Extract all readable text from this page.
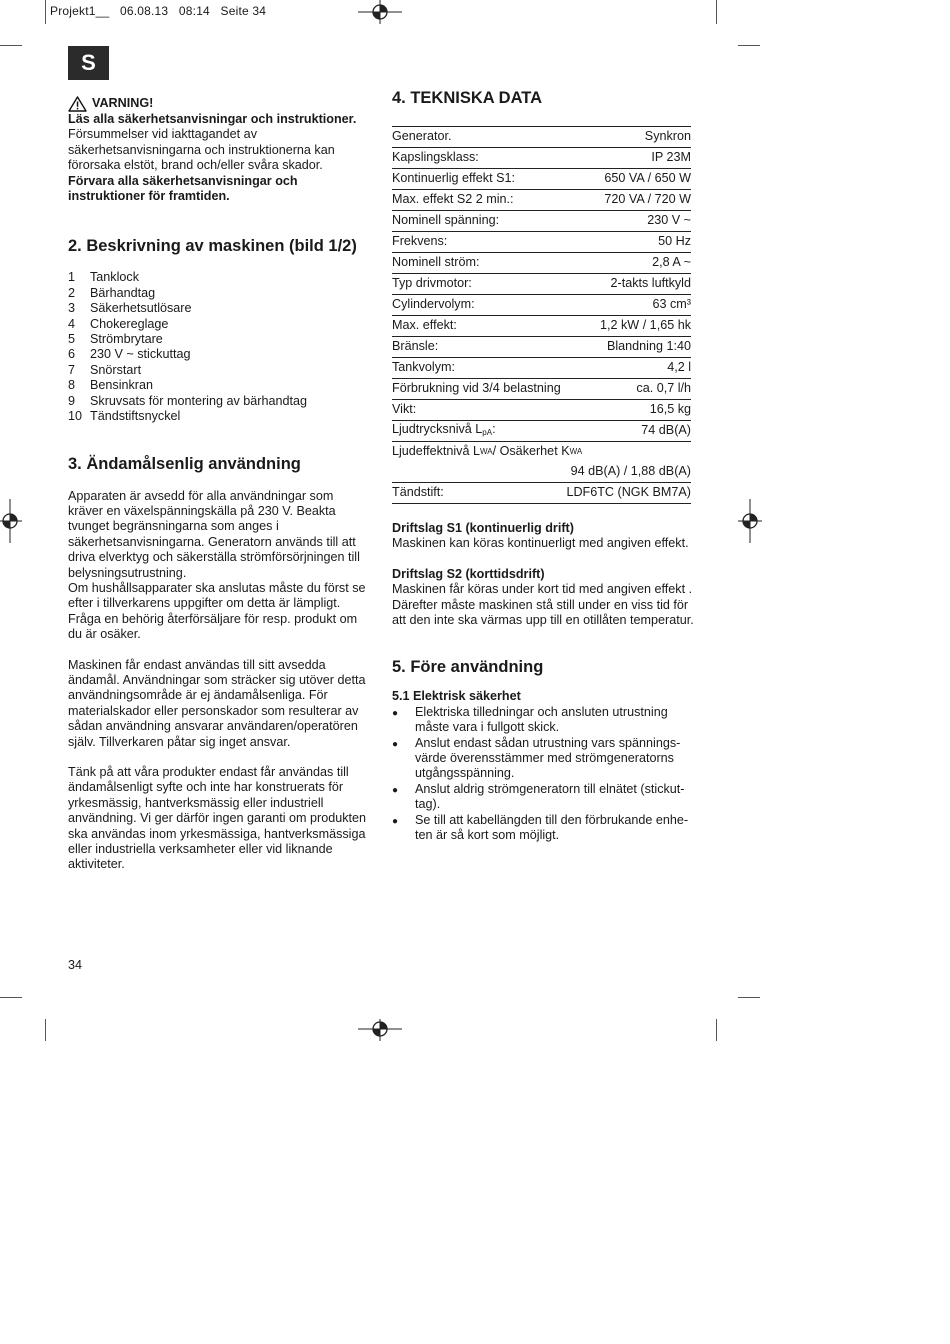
Projekt1__ 06.08.13 08:14 Seite 34
S
VARNING!

Läs alla säkerhetsanvisningar och instruktioner.

Försummelser vid iakttagandet av säkerhetsanvisningarna och instruktionerna kan förorsaka elstöt, brand och/eller svåra skador.

Förvara alla säkerhetsanvisningar och instruktioner för framtiden.

2. Beskrivning av maskinen (bild 1/2)
1	Tanklock
2	Bärhandtag
3	Säkerhetsutlösare
4	Chokereglage
5	Strömbrytare
6	230 V ~ stickuttag
7	Snörstart
8	Bensinkran
9	Skruvsats för montering av bärhandtag
10 Tändstiftsnyckel
3. Ändamålsenlig användning

Apparaten är avsedd för alla användningar som kräver en växelspänningskälla på 230 V. Beakta tvunget begränsningarna som anges i säkerhetsanvisningarna. Generatorn används till att driva elverktyg och säkerställa strömförsörjningen till belysningsutrustning.

Om hushållsapparater ska anslutas måste du först se efter i tillverkarens uppgifter om detta är lämpligt. Fråga en behörig återförsäljare för resp. produkt om du är osäker.

Maskinen får endast användas till sitt avsedda ändamål. Användningar som sträcker sig utöver detta användningsområde är ej ändamålsenliga. För materialskador eller personskador som resulterar av sådan användning ansvarar användaren/operatören själv. Tillverkaren påtar sig inget ansvar.

Tänk på att våra produkter endast får användas till ändamålsenligt syfte och inte har konstruerats för yrkesmässig, hantverksmässig eller industriell användning. Vi ger därför ingen garanti om produkten ska användas inom yrkesmässiga, hantverksmässiga eller industriella verksamheter eller vid liknande aktiviteter.

4. TEKNISKA DATA
Generator.	Synkron
Kapslingsklass:	IP 23M
Kontinuerlig effekt S1:	650 VA / 650 W
Max. effekt S2 2 min.:	720 VA / 720 W
Nominell spänning:	230 V ~
Frekvens:	50 Hz
Nominell ström:	2,8 A ~
Typ drivmotor:	2-takts luftkyld
Cylindervolym:	63 cm³
Max. effekt:	1,2 kW / 1,65 hk
Bränsle:	Blandning 1:40
Tankvolym:	4,2 l
Förbrukning vid 3/4 belastning	ca. 0,7 l/h
Vikt:	16,5 kg
Ljudtrycksnivå $L_{pA}$:	74 dB(A)
Ljudeffektnivå L WA / Osäkerhet K WA
94 dB(A) / 1,88 dB(A)
Tändstift:	LDF6TC (NGK BM7A)

Driftslag S1 (kontinuerlig drift)

Maskinen kan köras kontinuerligt med angiven effekt.

Driftslag S2 (korttidsdrift)

Maskinen får köras under kort tid med angiven effekt . Därefter måste maskinen stå still under en viss tid för att den inte ska värmas upp till en otillåten temperatur.

5. Före användning

5.1 Elektrisk säkerhet

●	Elektriska tilledningar och ansluten utrustning måste vara i fullgott skick.
●	Anslut endast sådan utrustning vars spännings-värde överensstämmer med strömgeneratorns utgångsspänning.
●	Anslut aldrig strömgeneratorn till elnätet (stickut-tag).
●	Se till att kabellängden till den förbrukande enhe-ten är så kort som möjligt.
34
